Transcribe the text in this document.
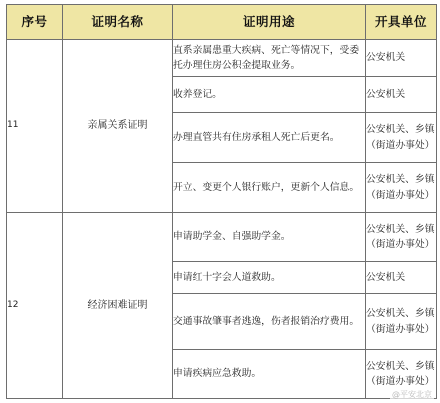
序号	证明名称	证明用途	开具单位
11	亲属关系证明	直系亲属患重大疾病、死亡等情况下，受委托办理住房公积金提取业务。	公安机关
		收养登记。	公安机关
		办理直管共有住房承租人死亡后更名。	公安机关、乡镇（街道办事处）
		开立、变更个人银行账户，更新个人信息。	公安机关、乡镇（街道办事处）
12	经济困难证明	申请助学金、自强助学金。	公安机关、乡镇（街道办事处）
		申请红十字会人道救助。	公安机关
		交通事故肇事者逃逸，伤者报销治疗费用。	公安机关、乡镇（街道办事处）
		申请疾病应急救助。	公安机关、乡镇（街道办事处）
@平安北京
